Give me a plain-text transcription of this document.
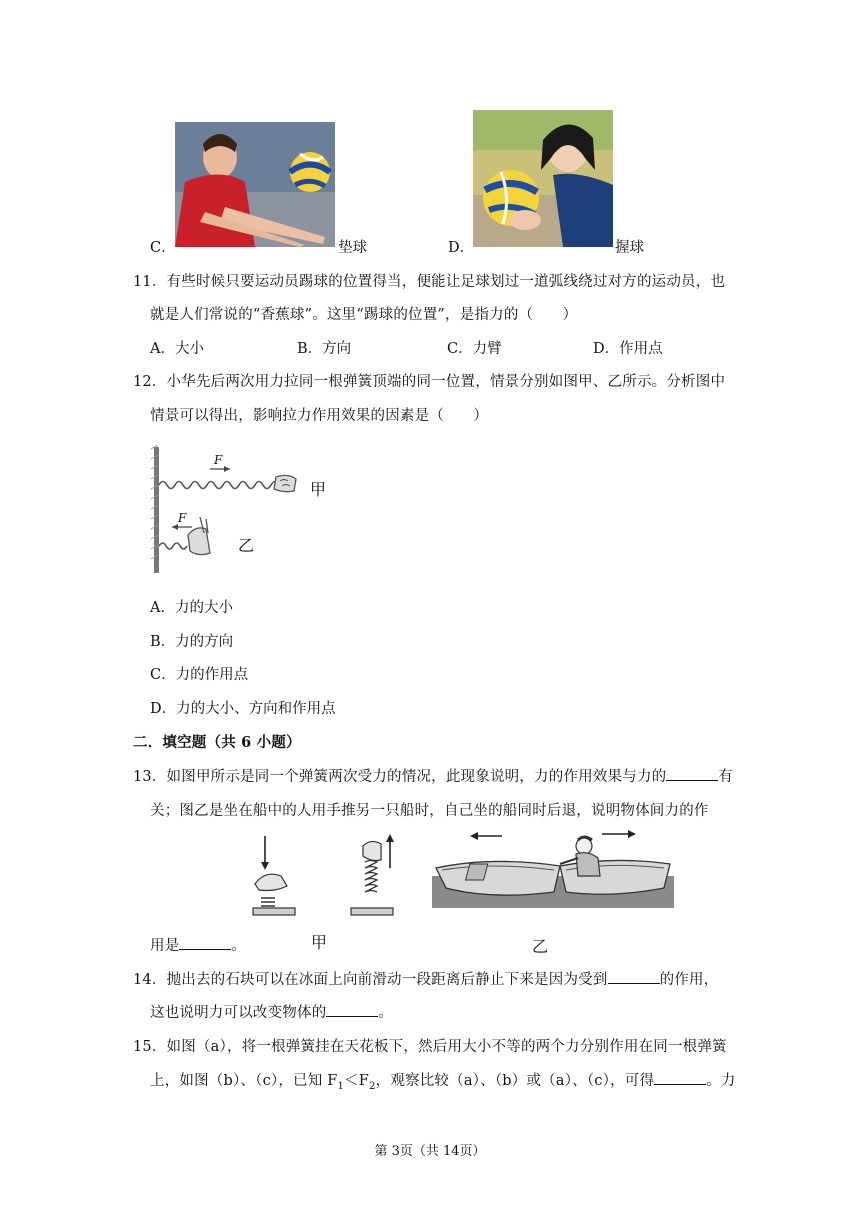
C．	垫球	D．	握球
11．有些时候只要运动员踢球的位置得当，便能让足球划过一道弧线绕过对方的运动员，也
就是人们常说的“香蕉球”。这里“踢球的位置”，是指力的（　　）
A．大小	B．方向	C．力臂	D．作用点
12．小华先后两次用力拉同一根弹簧顶端的同一位置，情景分别如图甲、乙所示。分析图中
情景可以得出，影响拉力作用效果的因素是（　　）
F
F
甲
乙
A．力的大小
B．力的方向
C．力的作用点
D．力的大小、方向和作用点
二．填空题（共 6 小题）
13．如图甲所示是同一个弹簧两次受力的情况，此现象说明，力的作用效果与力的	有
关；图乙是坐在船中的人用手推另一只船时，自己坐的船同时后退，说明物体间力的作
用是	。	甲	乙
14．抛出去的石块可以在冰面上向前滑动一段距离后静止下来是因为受到	的作用，
这也说明力可以改变物体的	。
15．如图（a），将一根弹簧挂在天花板下，然后用大小不等的两个力分别作用在同一根弹簧
上，如图（b）、（c），已知 $F_1<F_2$，观察比较（a）、（b）或（a）、（c），可得	。力
第 3页（共 14页）
